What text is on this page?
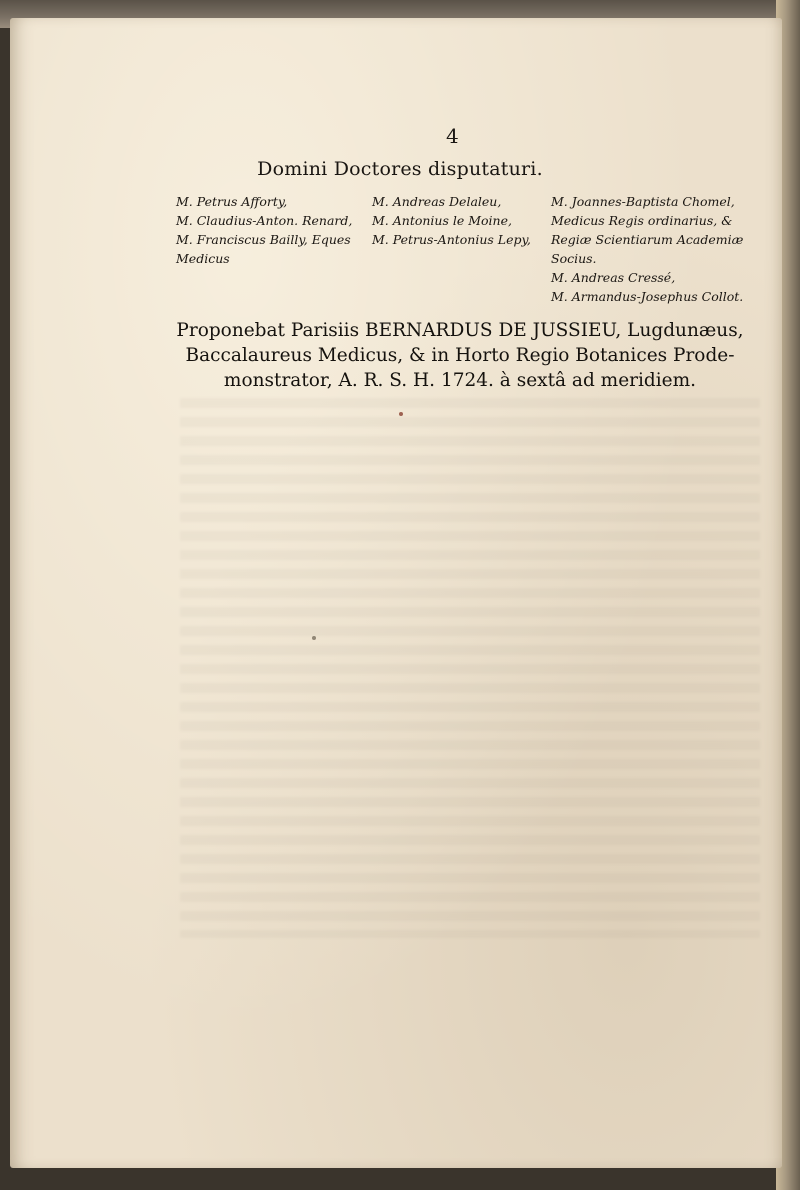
4
Domini Doctores disputaturi.
M. Petrus Afforty,
M. Claudius-Anton. Renard,
M. Franciscus Bailly, Eques
Medicus
M. Andreas Delaleu,
M. Antonius le Moine,
M. Petrus-Antonius Lepy,
M. Joannes-Baptista Chomel,
Medicus Regis ordinarius, &
Regiæ Scientiarum Academiæ
Socius.
M. Andreas Cressé,
M. Armandus-Josephus Collot.
Proponebat Parisiis BERNARDUS DE JUSSIEU, Lugdunæus,
Baccalaureus Medicus, & in Horto Regio Botanices Prode-
monstrator, A. R. S. H. 1724. à sextâ ad meridiem.
